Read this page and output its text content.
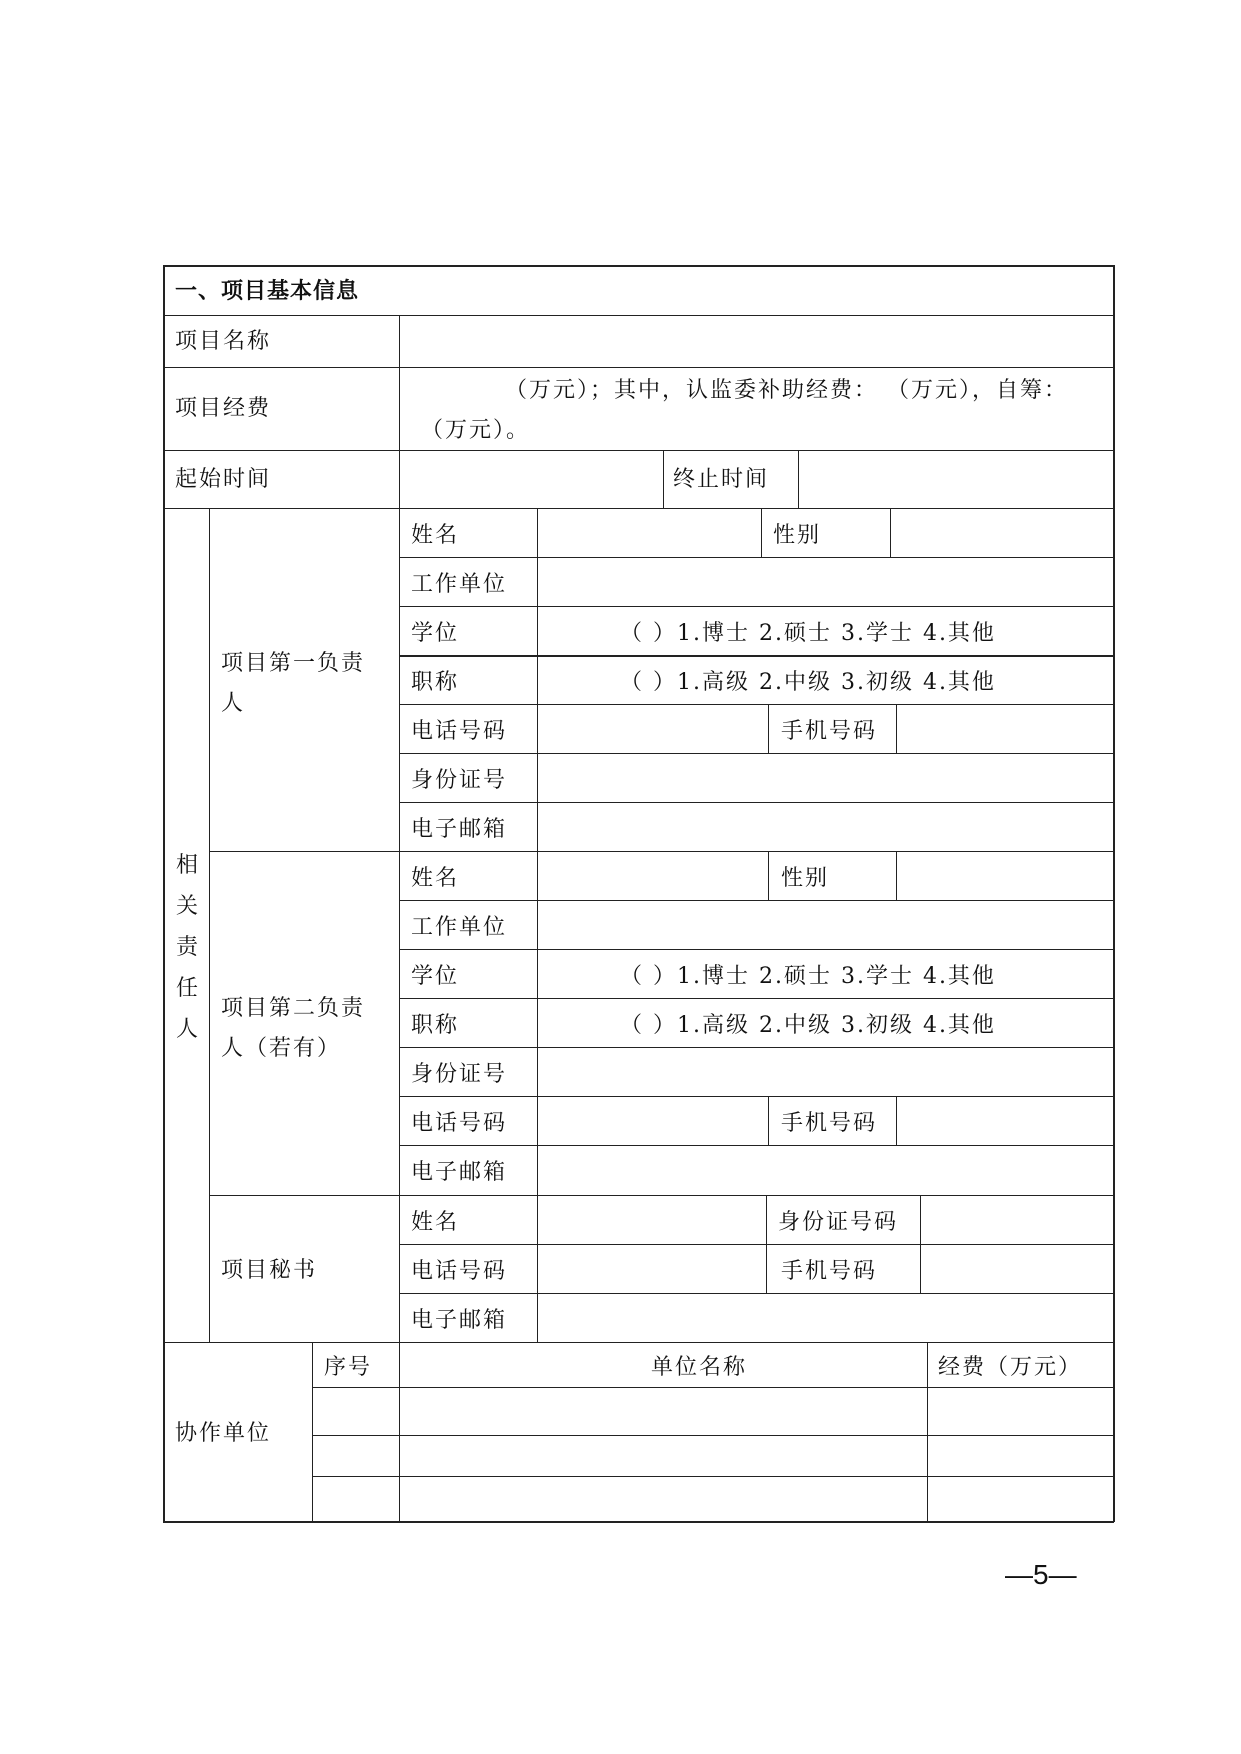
一、项目基本信息
项目名称
项目经费
（万元）；其中，认监委补助经费： （万元），自筹：
（万元）。
起始时间	终止时间
相
关
责
任
人
项目第一负责
人
姓名	性别
工作单位
学位	（ ）1.博士 2.硕士 3.学士 4.其他
职称	（ ）1.高级 2.中级 3.初级 4.其他
电话号码	手机号码
身份证号
电子邮箱
项目第二负责
人（若有）
姓名	性别
工作单位
学位	（ ）1.博士 2.硕士 3.学士 4.其他
职称	（ ）1.高级 2.中级 3.初级 4.其他
身份证号
电话号码	手机号码
电子邮箱
项目秘书
姓名	身份证号码
电话号码	手机号码
电子邮箱
协作单位
序号	单位名称	经费（万元）
—5—
